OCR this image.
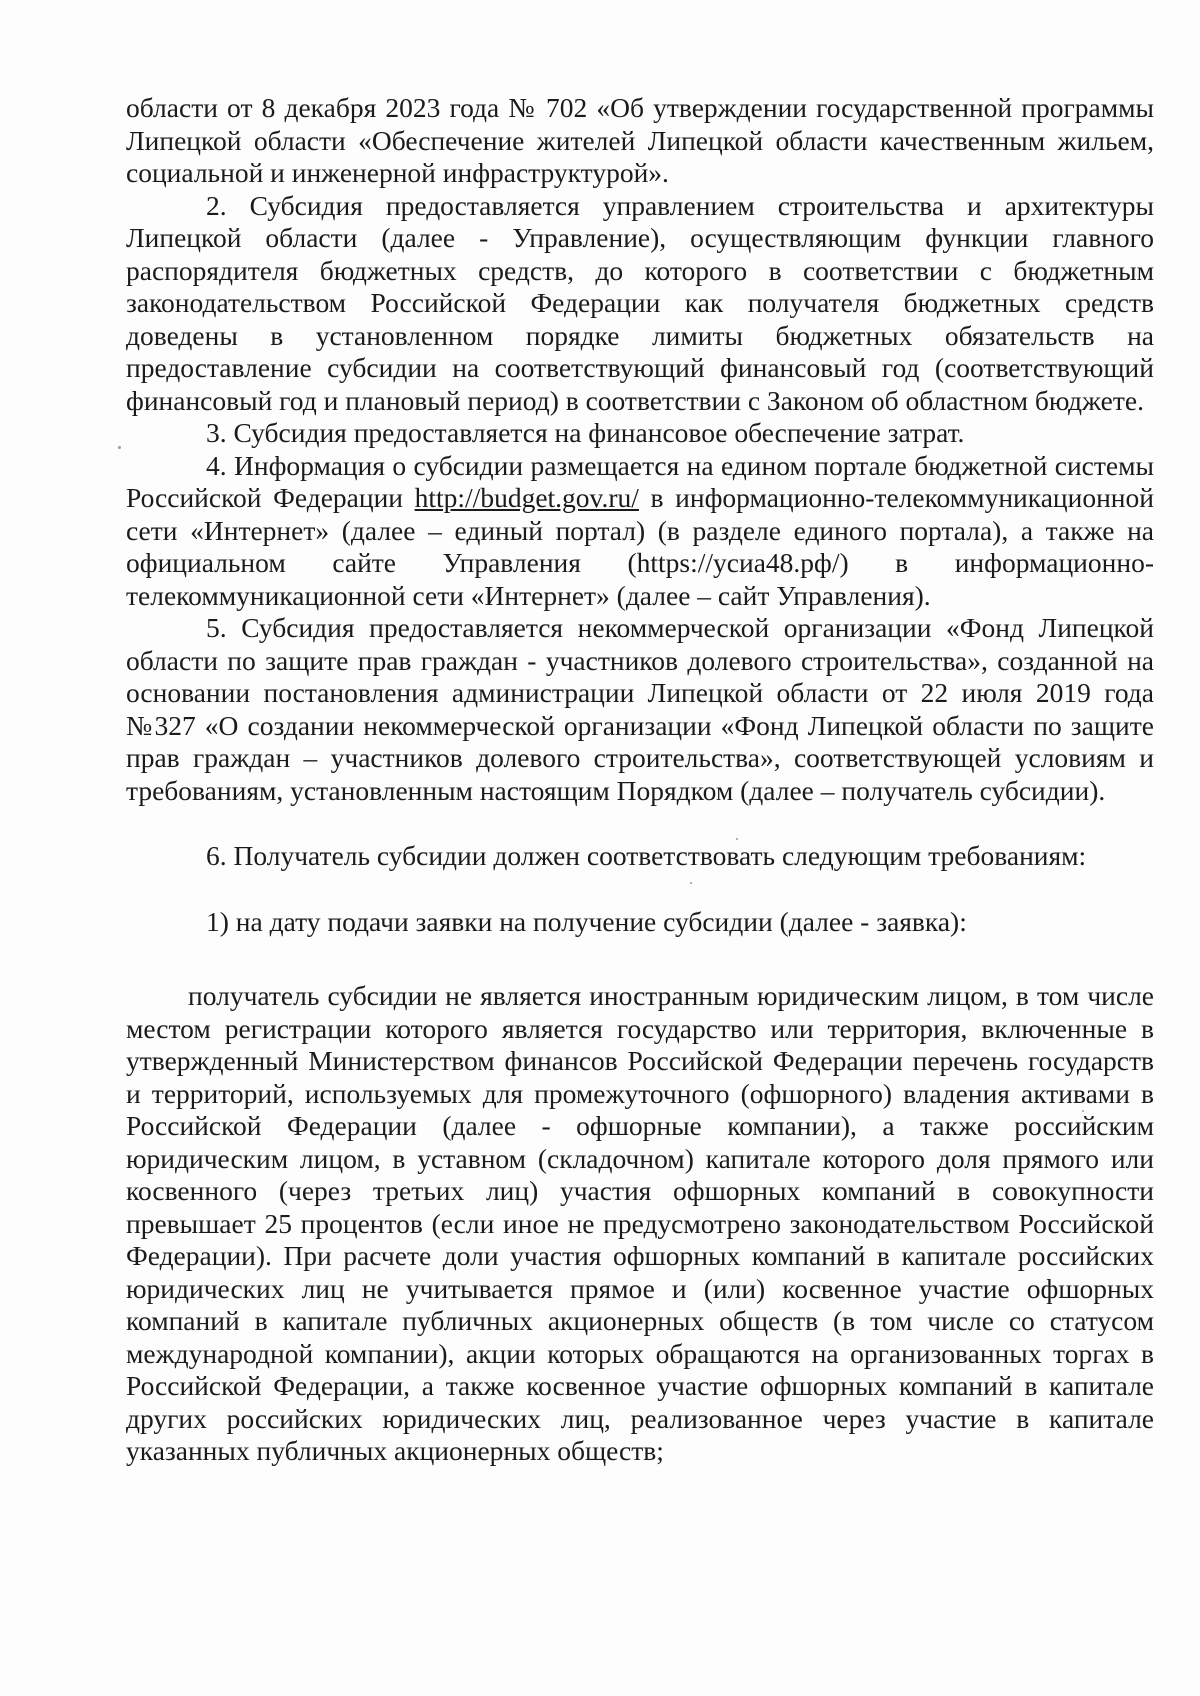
области от 8 декабря 2023 года № 702 «Об утверждении государственной программы Липецкой области «Обеспечение жителей Липецкой области качественным жильем, социальной и инженерной инфраструктурой».

2. Субсидия предоставляется управлением строительства и архитектуры Липецкой области (далее - Управление), осуществляющим функции главного распорядителя бюджетных средств, до которого в соответствии с бюджетным законодательством Российской Федерации как получателя бюджетных средств доведены в установленном порядке лимиты бюджетных обязательств на предоставление субсидии на соответствующий финансовый год (соответствующий финансовый год и плановый период) в соответствии с Законом об областном бюджете.

3. Субсидия предоставляется на финансовое обеспечение затрат.

4. Информация о субсидии размещается на едином портале бюджетной системы Российской Федерации http://budget.gov.ru/ в информационно-телекоммуникационной сети «Интернет» (далее – единый портал) (в разделе единого портала), а также на официальном сайте Управления (https://усиа48.рф/) в информационно-телекоммуникационной сети «Интернет» (далее – сайт Управления).

5. Субсидия предоставляется некоммерческой организации «Фонд Липецкой области по защите прав граждан - участников долевого строительства», созданной на основании постановления администрации Липецкой области от 22 июля 2019 года №327 «О создании некоммерческой организации «Фонд Липецкой области по защите прав граждан – участников долевого строительства», соответствующей условиям и требованиям, установленным настоящим Порядком (далее – получатель субсидии).

6. Получатель субсидии должен соответствовать следующим требованиям:

1) на дату подачи заявки на получение субсидии (далее - заявка):

получатель субсидии не является иностранным юридическим лицом, в том числе местом регистрации которого является государство или территория, включенные в утвержденный Министерством финансов Российской Федерации перечень государств и территорий, используемых для промежуточного (офшорного) владения активами в Российской Федерации (далее - офшорные компании), а также российским юридическим лицом, в уставном (складочном) капитале которого доля прямого или косвенного (через третьих лиц) участия офшорных компаний в совокупности превышает 25 процентов (если иное не предусмотрено законодательством Российской Федерации). При расчете доли участия офшорных компаний в капитале российских юридических лиц не учитывается прямое и (или) косвенное участие офшорных компаний в капитале публичных акционерных обществ (в том числе со статусом международной компании), акции которых обращаются на организованных торгах в Российской Федерации, а также косвенное участие офшорных компаний в капитале других российских юридических лиц, реализованное через участие в капитале указанных публичных акционерных обществ;
